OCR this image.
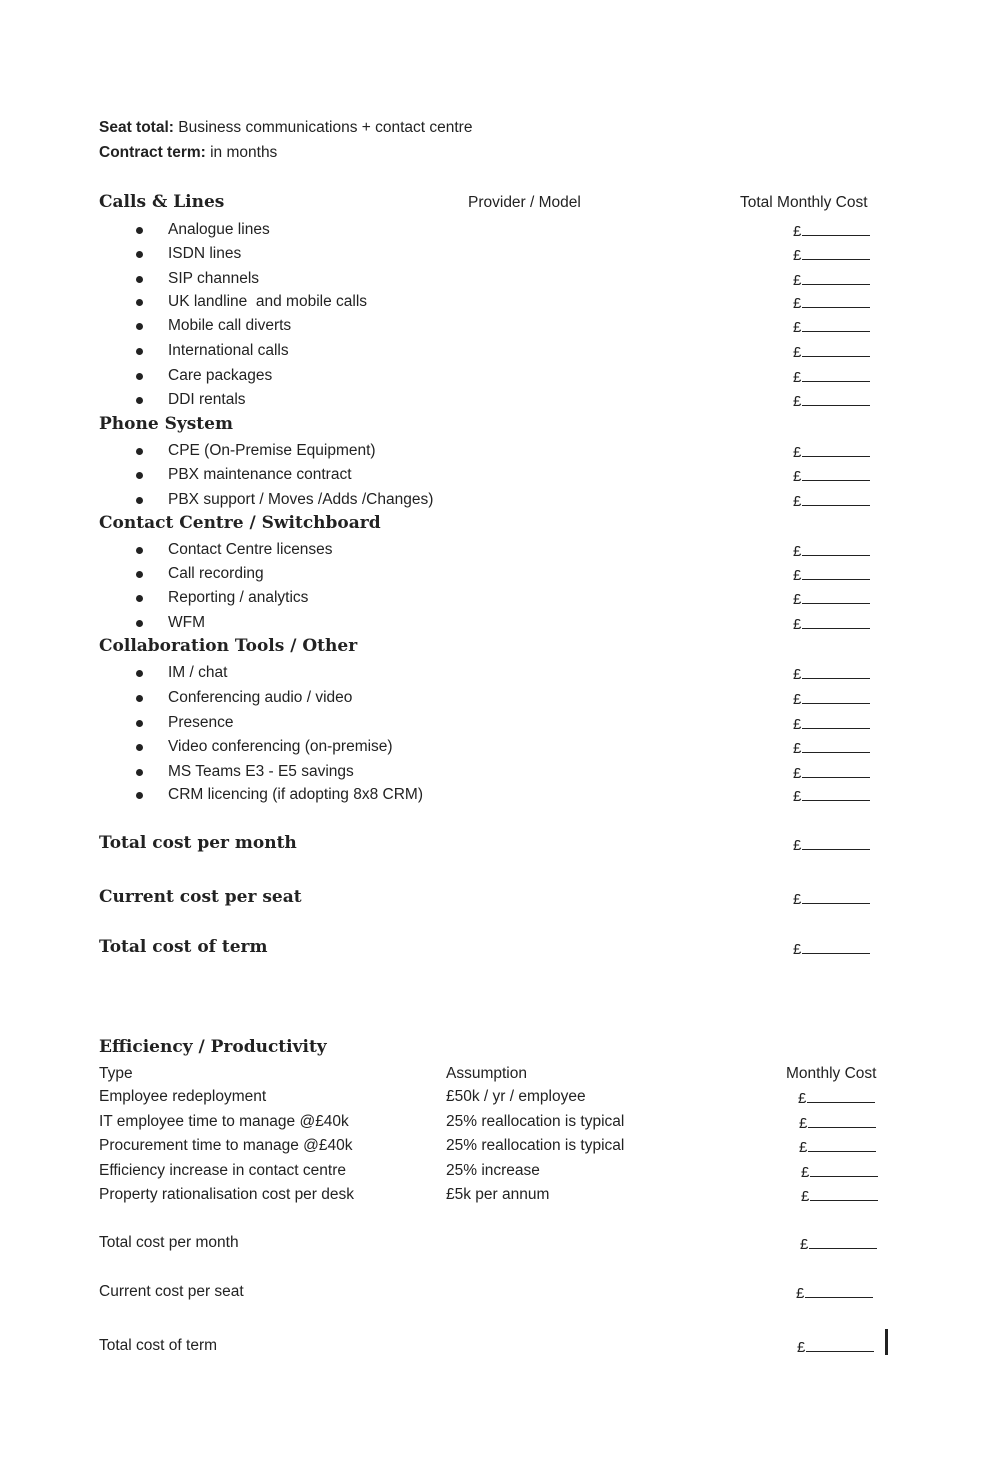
Seat total: Business communications + contact centre
Contract term: in months
Calls & Lines	Provider / Model	Total Monthly Cost
Analogue lines	£
ISDN lines	£
SIP channels	£
UK landline  and mobile calls	£
Mobile call diverts	£
International calls	£
Care packages	£
DDI rentals	£
Phone System
CPE (On-Premise Equipment)	£
PBX maintenance contract	£
PBX support / Moves /Adds /Changes)	£
Contact Centre / Switchboard
Contact Centre licenses	£
Call recording	£
Reporting / analytics	£
WFM	£
Collaboration Tools / Other
IM / chat	£
Conferencing audio / video	£
Presence	£
Video conferencing (on-premise)	£
MS Teams E3 - E5 savings	£
CRM licencing (if adopting 8x8 CRM)	£
Total cost per month	£
Current cost per seat	£
Total cost of term	£
Efficiency / Productivity
Type	Assumption	Monthly Cost
Employee redeployment	£50k / yr / employee	£
IT employee time to manage @£40k	25% reallocation is typical	£
Procurement time to manage @£40k	25% reallocation is typical	£
Efficiency increase in contact centre	25% increase	£
Property rationalisation cost per desk	£5k per annum	£
Total cost per month	£
Current cost per seat	£
Total cost of term	£
